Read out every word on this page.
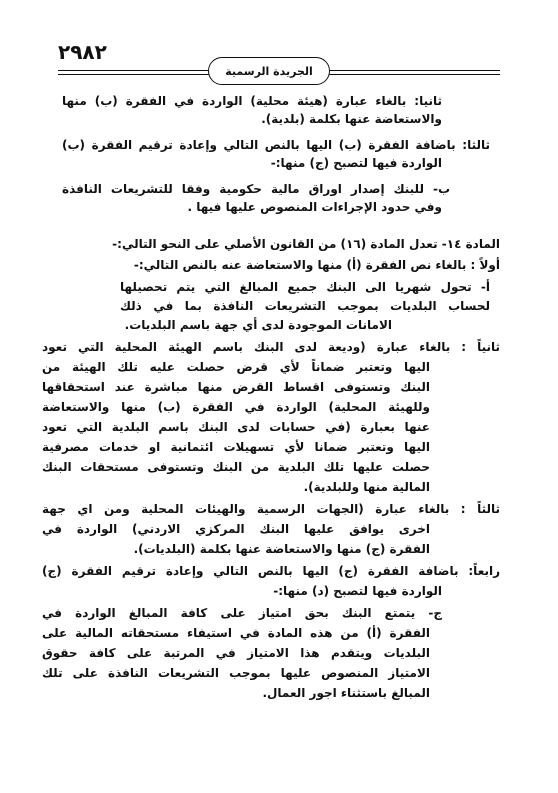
٢٩٨٢
الجريدة الرسمية
ثانيا: بالغاء عبارة (هيئة محلية) الواردة في الفقرة (ب) منها
والاستعاضة عنها بكلمة (بلدية).
ثالثا: باضافة الفقرة (ب) اليها بالنص التالي وإعادة ترقيم الفقرة (ب)
الواردة فيها لتصبح (ج) منها:-
ب- للبنك إصدار اوراق مالية حكومية وفقا للتشريعات النافذة
وفي حدود الإجراءات المنصوص عليها فيها .
المادة ١٤- تعدل المادة (١٦) من القانون الأصلي على النحو التالي:-
أولاً : بالغاء نص الفقرة (أ) منها والاستعاضة عنه بالنص التالي:-
أ- تحول شهريا الى البنك جميع المبالغ التي يتم تحصيلها
لحساب البلديات بموجب التشريعات النافذة بما في ذلك
الامانات الموجودة لدى أي جهة باسم البلديات.
ثانياً : بالغاء عبارة (وديعة لدى البنك باسم الهيئة المحلية التي تعود
اليها وتعتبر ضماناً لأي قرض حصلت عليه تلك الهيئة من
البنك وتستوفى اقساط القرض منها مباشرة عند استحقاقها
وللهيئة المحلية) الواردة في الفقرة (ب) منها والاستعاضة
عنها بعبارة (في حسابات لدى البنك باسم البلدية التي تعود
اليها وتعتبر ضمانا لأي تسهيلات ائتمانية او خدمات مصرفية
حصلت عليها تلك البلدية من البنك وتستوفى مستحقات البنك
المالية منها وللبلدية).
ثالثاً : بالغاء عبارة (الجهات الرسمية والهيئات المحلية ومن اي جهة
اخرى يوافق عليها البنك المركزي الاردني) الواردة في
الفقرة (ج) منها والاستعاضة عنها بكلمة (البلديات).
رابعاً: باضافة الفقرة (ج) اليها بالنص التالي وإعادة ترقيم الفقرة (ج)
الواردة فيها لتصبح (د) منها:-
ج- يتمتع البنك بحق امتياز على كافة المبالغ الواردة في
الفقرة (أ) من هذه المادة في استيفاء مستحقاته المالية على
البلديات ويتقدم هذا الامتياز في المرتبة على كافة حقوق
الامتياز المنصوص عليها بموجب التشريعات النافذة على تلك
المبالغ باستثناء اجور العمال.
